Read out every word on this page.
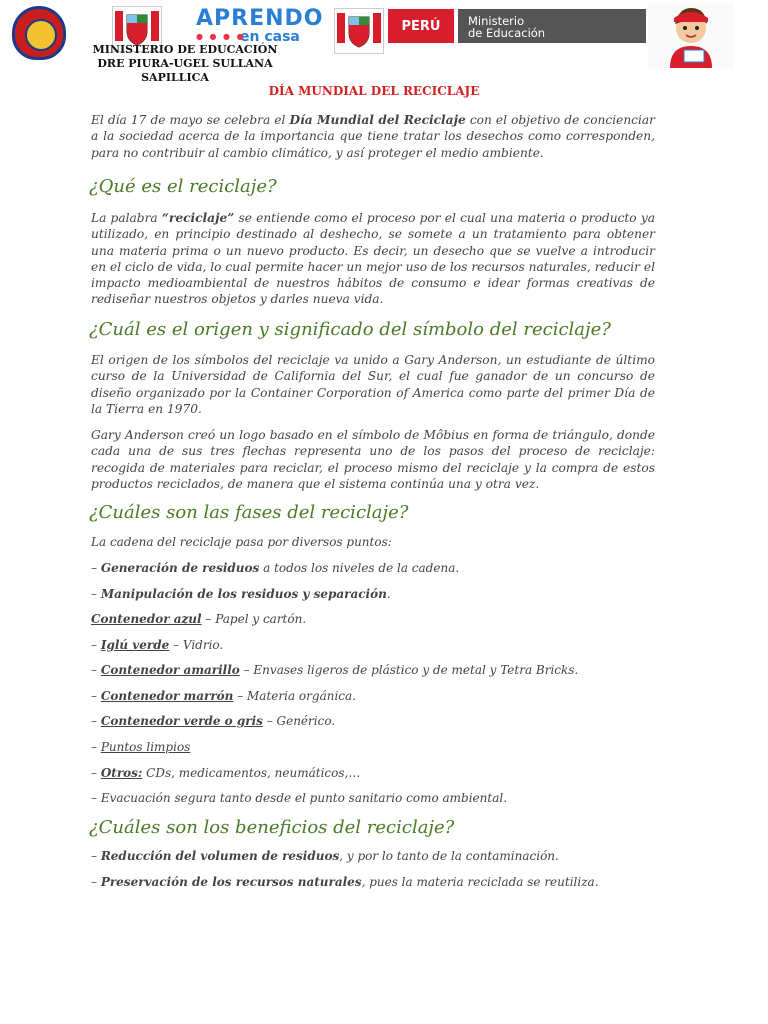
APRENDO
● ● ● ●
en casa
PERÚ	Ministerio
de Educación
MINISTERIO DE EDUCACIÓN
DRE PIURA-UGEL SULLANA
SAPILLICA
DÍA MUNDIAL DEL RECICLAJE

El día 17 de mayo se celebra el Día Mundial del Reciclaje con el objetivo de concienciar a la sociedad acerca de la importancia que tiene tratar los desechos como corresponden, para no contribuir al cambio climático, y así proteger el medio ambiente.

¿Qué es el reciclaje?

La palabra “reciclaje” se entiende como el proceso por el cual una materia o producto ya utilizado, en principio destinado al deshecho, se somete a un tratamiento para obtener una materia prima o un nuevo producto. Es decir, un desecho que se vuelve a introducir en el ciclo de vida, lo cual permite hacer un mejor uso de los recursos naturales, reducir el impacto medioambiental de nuestros hábitos de consumo e idear formas creativas de rediseñar nuestros objetos y darles nueva vida.

¿Cuál es el origen y significado del símbolo del reciclaje?

El origen de los símbolos del reciclaje va unido a Gary Anderson, un estudiante de último curso de la Universidad de California del Sur, el cual fue ganador de un concurso de diseño organizado por la Container Corporation of America como parte del primer Día de la Tierra en 1970.

Gary Anderson creó un logo basado en el símbolo de Môbius en forma de triángulo, donde cada una de sus tres flechas representa uno de los pasos del proceso de reciclaje: recogida de materiales para reciclar, el proceso mismo del reciclaje y la compra de estos productos reciclados, de manera que el sistema continúa una y otra vez.

¿Cuáles son las fases del reciclaje?
La cadena del reciclaje pasa por diversos puntos:
– Generación de residuos a todos los niveles de la cadena.
– Manipulación de los residuos y separación.
Contenedor azul – Papel y cartón.
– Iglú verde – Vidrio.
– Contenedor amarillo – Envases ligeros de plástico y de metal y Tetra Bricks.
– Contenedor marrón – Materia orgánica.
– Contenedor verde o gris – Genérico.
– Puntos limpios
– Otros: CDs, medicamentos, neumáticos,…
– Evacuación segura tanto desde el punto sanitario como ambiental.
¿Cuáles son los beneficios del reciclaje?
– Reducción del volumen de residuos, y por lo tanto de la contaminación.
– Preservación de los recursos naturales, pues la materia reciclada se reutiliza.
